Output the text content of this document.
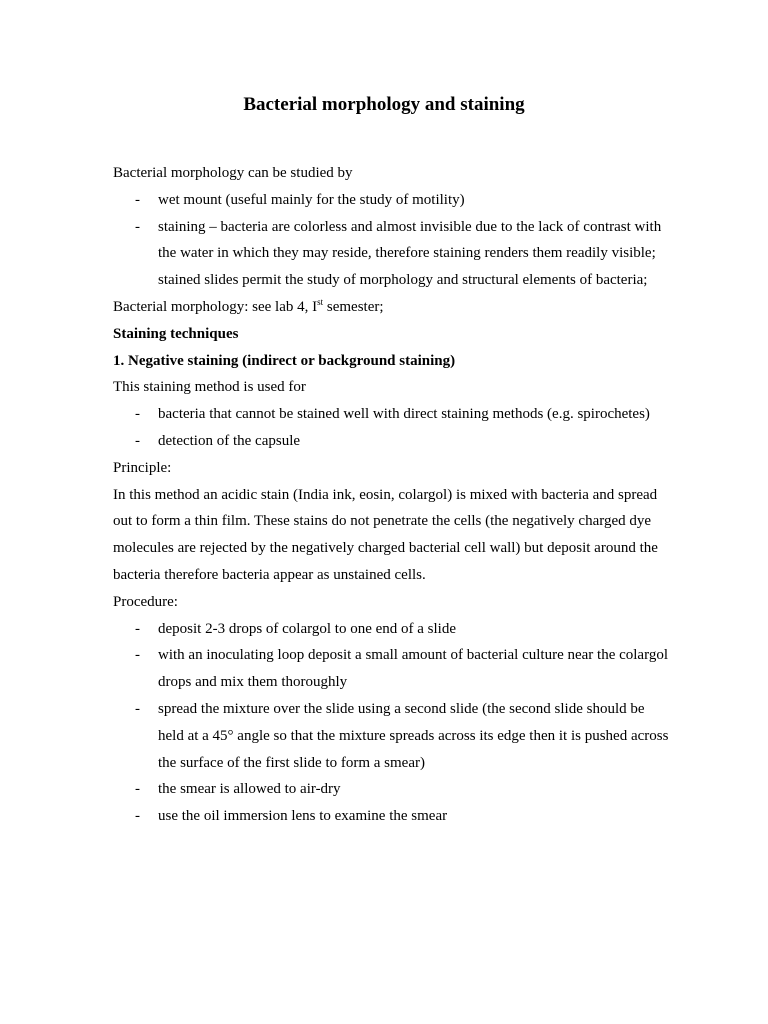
Bacterial morphology and staining

Bacterial morphology can be studied by

- wet mount (useful mainly for the study of motility)
- staining – bacteria are colorless and almost invisible due to the lack of contrast with the water in which they may reside, therefore staining renders them readily visible; stained slides permit the study of morphology and structural elements of bacteria;

Bacterial morphology: see lab 4, Ist semester;

Staining techniques

1. Negative staining (indirect or background staining)

This staining method is used for

- bacteria that cannot be stained well with direct staining methods (e.g. spirochetes)
- detection of the capsule

Principle:

In this method an acidic stain (India ink, eosin, colargol) is mixed with bacteria and spread out to form a thin film. These stains do not penetrate the cells (the negatively charged dye molecules are rejected by the negatively charged bacterial cell wall) but deposit around the bacteria therefore bacteria appear as unstained cells.

Procedure:

- deposit 2-3 drops of colargol to one end of a slide
- with an inoculating loop deposit a small amount of bacterial culture near the colargol drops and mix them thoroughly
- spread the mixture over the slide using a second slide (the second slide should be held at a 45° angle so that the mixture spreads across its edge then it is pushed across the surface of the first slide to form a smear)
- the smear is allowed to air-dry
- use the oil immersion lens to examine the smear
